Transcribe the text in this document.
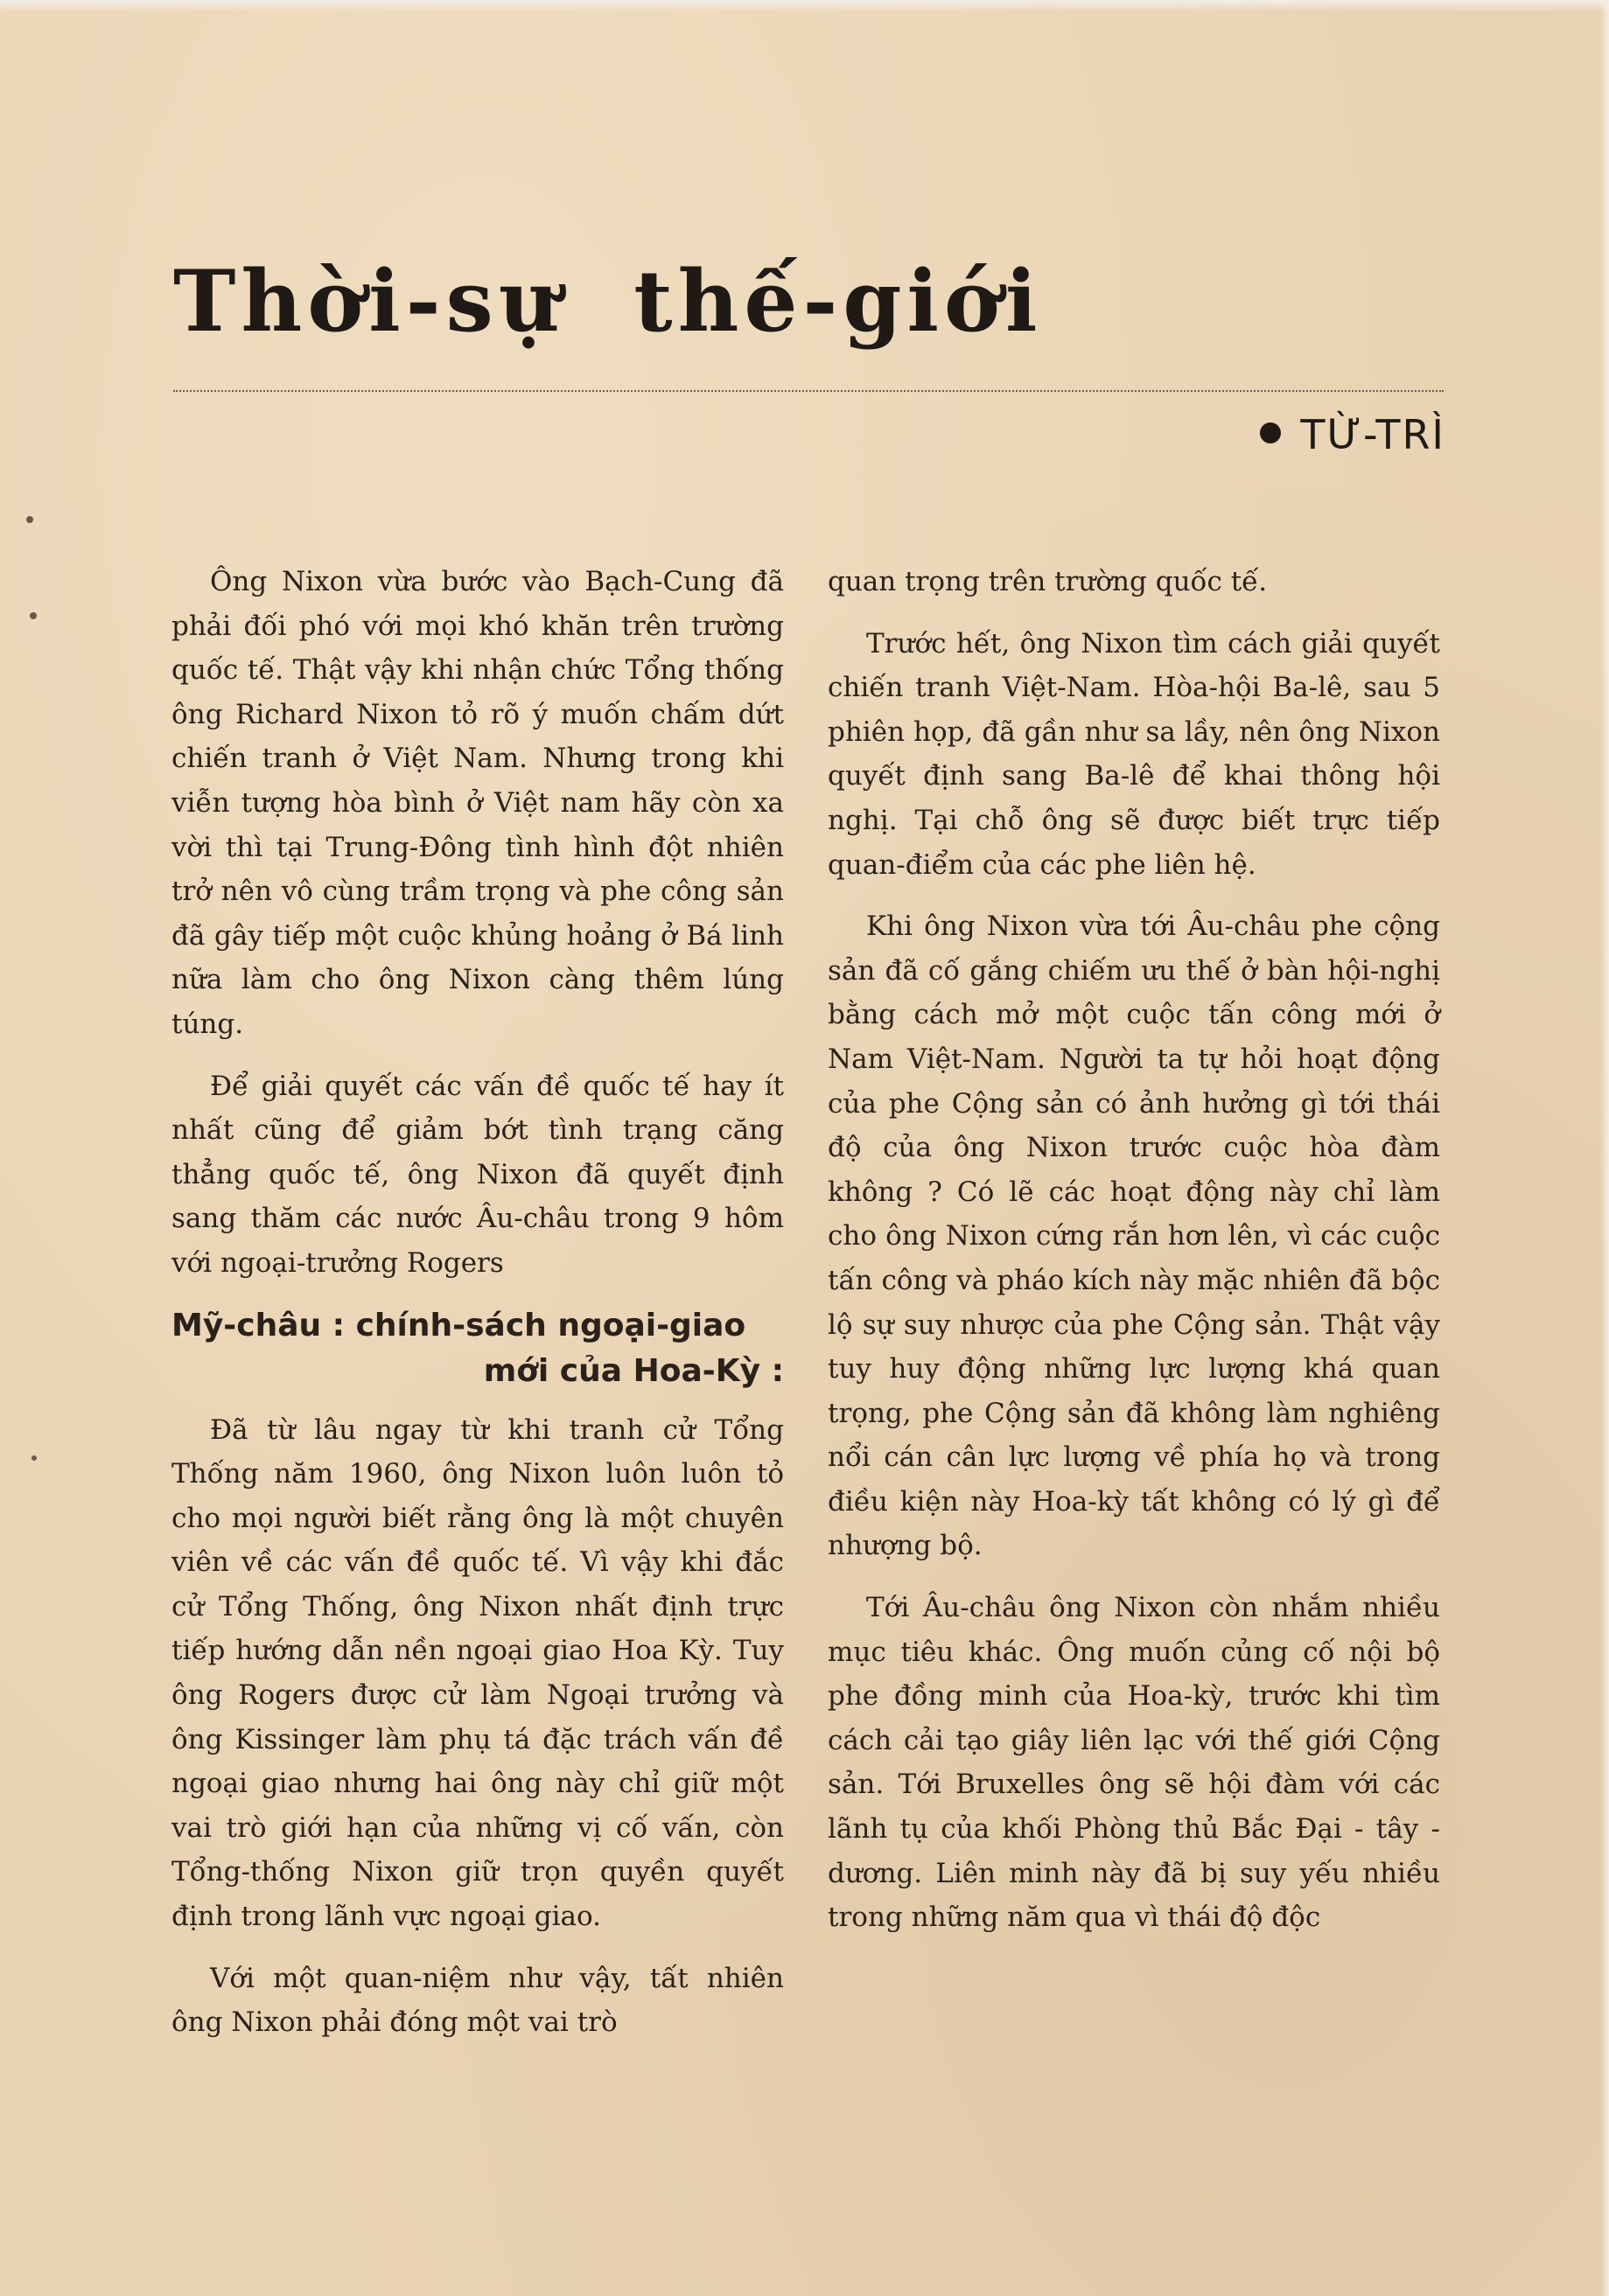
Thời-sự  thế-giới
TỪ-TRÌ

Ông Nixon vừa bước vào Bạch-Cung đã phải đối phó với mọi khó khăn trên trường quốc tế. Thật vậy khi nhận chức Tổng thống ông Richard Nixon tỏ rõ ý muốn chấm dứt chiến tranh ở Việt Nam. Nhưng trong khi viễn tượng hòa bình ở Việt nam hãy còn xa vời thì tại Trung-Đông tình hình đột nhiên trở nên vô cùng trầm trọng và phe công sản đã gây tiếp một cuộc khủng hoảng ở Bá linh nữa làm cho ông Nixon càng thêm lúng túng.

Để giải quyết các vấn đề quốc tế hay ít nhất cũng để giảm bớt tình trạng căng thẳng quốc tế, ông Nixon đã quyết định sang thăm các nước Âu-châu trong 9 hôm với ngoại-trưởng Rogers

Mỹ-châu : chính-sách ngoại-giao
mới của Hoa-Kỳ :

Đã từ lâu ngay từ khi tranh cử Tổng Thống năm 1960, ông Nixon luôn luôn tỏ cho mọi người biết rằng ông là một chuyên viên về các vấn đề quốc tế. Vì vậy khi đắc cử Tổng Thống, ông Nixon nhất định trực tiếp hướng dẫn nền ngoại giao Hoa Kỳ. Tuy ông Rogers được cử làm Ngoại trưởng và ông Kissinger làm phụ tá đặc trách vấn đề ngoại giao nhưng hai ông này chỉ giữ một vai trò giới hạn của những vị cố vấn, còn Tổng-thống Nixon giữ trọn quyền quyết định trong lãnh vực ngoại giao.

Với một quan-niệm như vậy, tất nhiên ông Nixon phải đóng một vai trò

quan trọng trên trường quốc tế.

Trước hết, ông Nixon tìm cách giải quyết chiến tranh Việt-Nam. Hòa-hội Ba-lê, sau 5 phiên họp, đã gần như sa lầy, nên ông Nixon quyết định sang Ba-lê để khai thông hội nghị. Tại chỗ ông sẽ được biết trực tiếp quan-điểm của các phe liên hệ.

Khi ông Nixon vừa tới Âu-châu phe cộng sản đã cố gắng chiếm ưu thế ở bàn hội-nghị bằng cách mở một cuộc tấn công mới ở Nam Việt-Nam. Người ta tự hỏi hoạt động của phe Cộng sản có ảnh hưởng gì tới thái độ của ông Nixon trước cuộc hòa đàm không ? Có lẽ các hoạt động này chỉ làm cho ông Nixon cứng rắn hơn lên, vì các cuộc tấn công và pháo kích này mặc nhiên đã bộc lộ sự suy nhược của phe Cộng sản. Thật vậy tuy huy động những lực lượng khá quan trọng, phe Cộng sản đã không làm nghiêng nổi cán cân lực lượng về phía họ và trong điều kiện này Hoa-kỳ tất không có lý gì để nhượng bộ.

Tới Âu-châu ông Nixon còn nhắm nhiều mục tiêu khác. Ông muốn củng cố nội bộ phe đồng minh của Hoa-kỳ, trước khi tìm cách cải tạo giây liên lạc với thế giới Cộng sản. Tới Bruxelles ông sẽ hội đàm với các lãnh tụ của khối Phòng thủ Bắc Đại - tây - dương. Liên minh này đã bị suy yếu nhiều trong những năm qua vì thái độ độc
